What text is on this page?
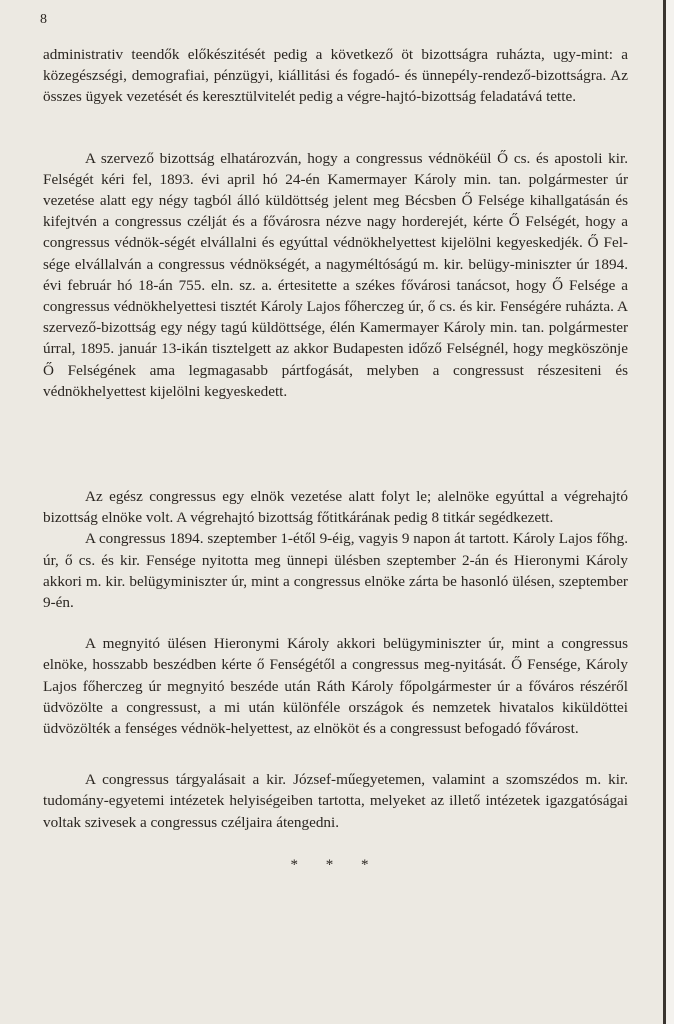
8

administrativ teendők előkészitését pedig a következő öt bizottságra ruházta, ugy-mint: a közegészségi, demografiai, pénzügyi, kiállitási és fogadó- és ünnepély-rendező-bizottságra. Az összes ügyek vezetését és keresztülvitelét pedig a végre-hajtó-bizottság feladatává tette.

A szervező bizottság elhatározván, hogy a congressus védnökéül Ő cs. és apostoli kir. Felségét kéri fel, 1893. évi april hó 24-én Kamermayer Károly min. tan. polgármester úr vezetése alatt egy négy tagból álló küldöttség jelent meg Bécsben Ő Felsége kihallgatásán és kifejtvén a congressus czélját és a fővárosra nézve nagy horderejét, kérte Ő Felségét, hogy a congressus védnök-ségét elvállalni és egyúttal védnökhelyettest kijelölni kegyeskedjék. Ő Fel-sége elvállalván a congressus védnökségét, a nagyméltóságú m. kir. belügy-miniszter úr 1894. évi február hó 18-án 755. eln. sz. a. értesitette a székes fővárosi tanácsot, hogy Ő Felsége a congressus védnökhelyettesi tisztét Károly Lajos főherczeg úr, ő cs. és kir. Fenségére ruházta. A szervező-bizottság egy négy tagú küldöttsége, élén Kamermayer Károly min. tan. polgármester úrral, 1895. január 13-ikán tisztelgett az akkor Budapesten időző Felségnél, hogy megköszönje Ő Felségének ama legmagasabb pártfogását, melyben a congressust részesiteni és védnökhelyettest kijelölni kegyeskedett.

Az egész congressus egy elnök vezetése alatt folyt le; alelnöke egyúttal a végrehajtó bizottság elnöke volt. A végrehajtó bizottság főtitkárának pedig 8 titkár segédkezett.

A congressus 1894. szeptember 1-étől 9-éig, vagyis 9 napon át tartott. Károly Lajos főhg. úr, ő cs. és kir. Fensége nyitotta meg ünnepi ülésben szeptember 2-án és Hieronymi Károly akkori m. kir. belügyminiszter úr, mint a congressus elnöke zárta be hasonló ülésen, szeptember 9-én.

A megnyitó ülésen Hieronymi Károly akkori belügyminiszter úr, mint a congressus elnöke, hosszabb beszédben kérte ő Fenségétől a congressus meg-nyitását. Ő Fensége, Károly Lajos főherczeg úr megnyitó beszéde után Ráth Károly főpolgármester úr a főváros részéről üdvözölte a congressust, a mi után különféle országok és nemzetek hivatalos kiküldöttei üdvözölték a fenséges védnök-helyettest, az elnököt és a congressust befogadó fővárost.

A congressus tárgyalásait a kir. József-műegyetemen, valamint a szomszédos m. kir. tudomány-egyetemi intézetek helyiségeiben tartotta, melyeket az illető intézetek igazgatóságai voltak szivesek a congressus czéljaira átengedni.

* * *
